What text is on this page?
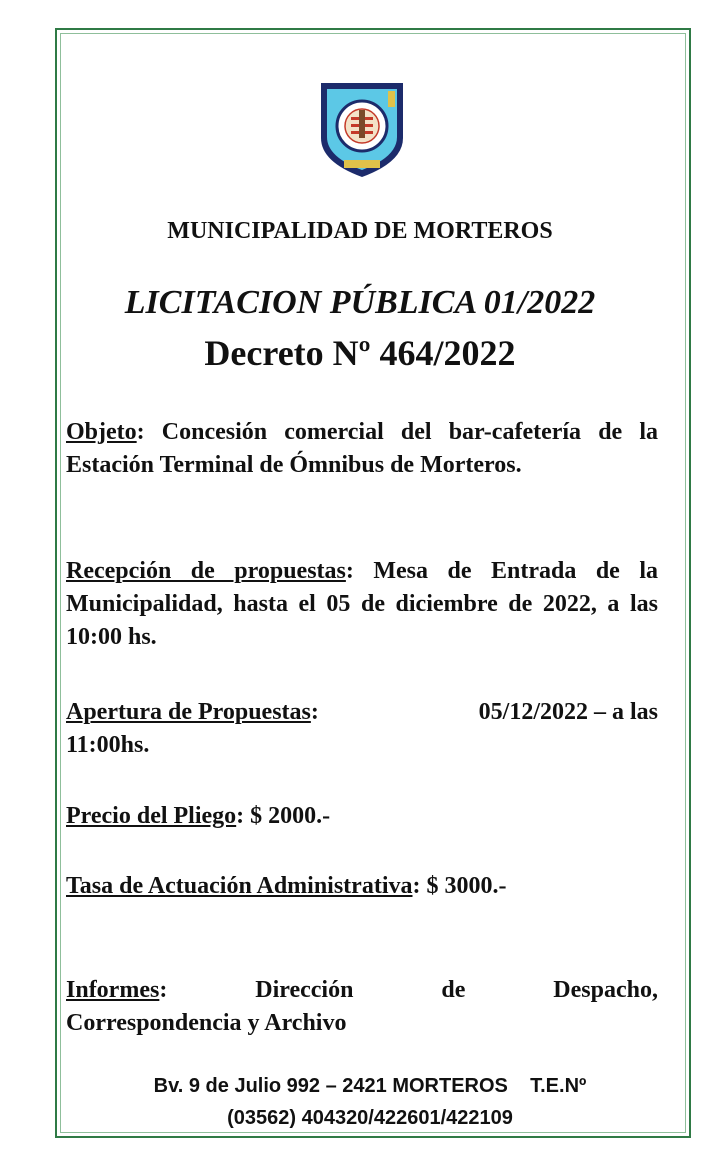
MUNICIPALIDAD DE MORTEROS
LICITACION PÚBLICA 01/2022
Decreto Nº 464/2022
Objeto: Concesión comercial del bar-cafetería de la Estación Terminal de Ómnibus de Morteros.
Recepción de propuestas: Mesa de Entrada de la Municipalidad, hasta el 05 de diciembre de 2022, a las 10:00 hs.
Apertura de Propuestas:	05/12/2022 – a las
11:00hs.
Precio del Pliego: $ 2000.-
Tasa de Actuación Administrativa: $ 3000.-
Informes:	Dirección	de	Despacho,
Correspondencia y Archivo
Bv. 9 de Julio 992 – 2421 MORTEROS T.E.Nº
(03562) 404320/422601/422109
